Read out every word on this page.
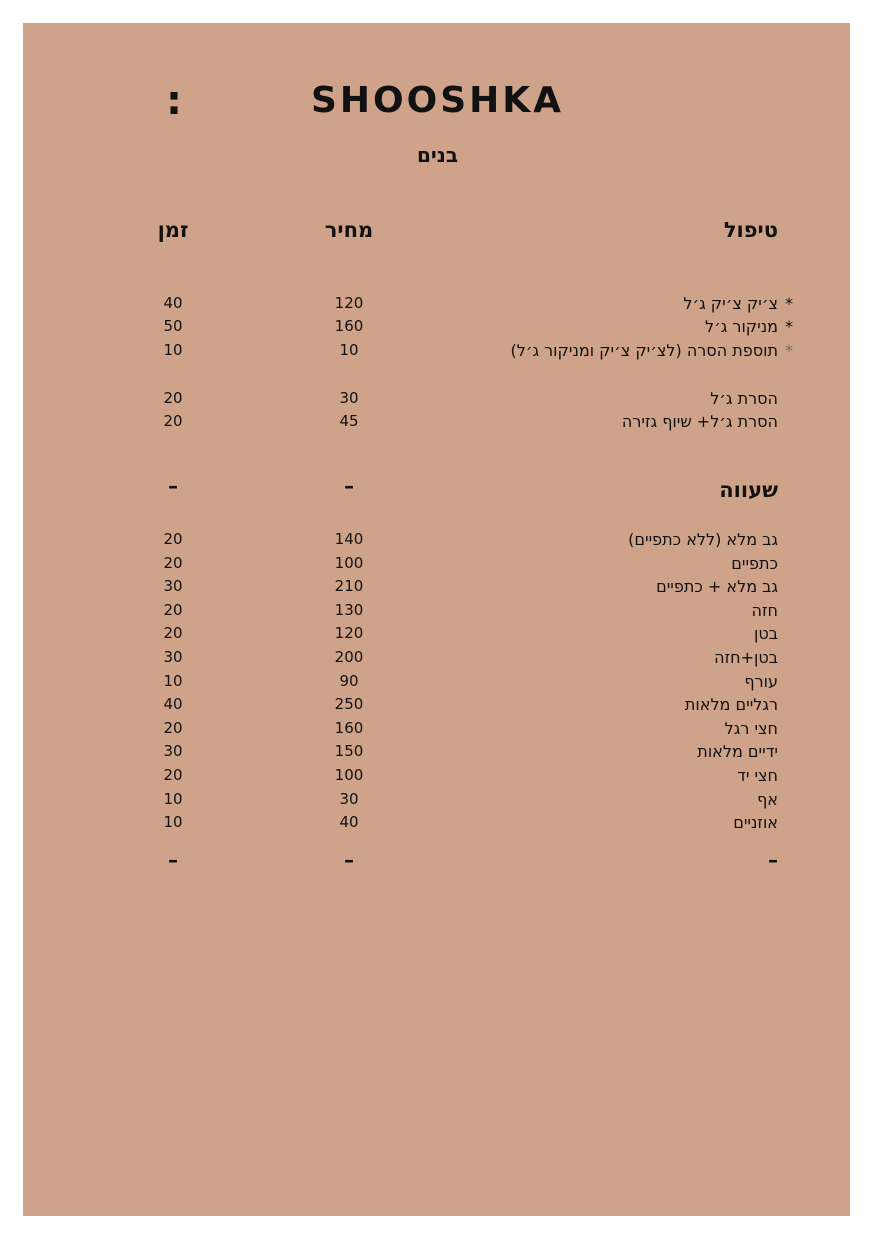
:	SHOOSHKA
בנים
טיפול
מחיר
זמן
*
צ׳יק צ׳יק ג׳ל
120
40
*
מניקור ג׳ל
160
50
*
תוספת הסרה (לצ׳יק צ׳יק ומניקור ג׳ל)
10
10
הסרת ג׳ל
30
20
הסרת ג׳ל+ שיוף גזירה
45
20
שעווה
–
–
גב מלא (ללא כתפיים)
140
20
כתפיים
100
20
גב מלא + כתפיים
210
30
חזה
130
20
בטן
120
20
בטן+חזה
200
30
עורף
90
10
רגליים מלאות
250
40
חצי רגל
160
20
ידיים מלאות
150
30
חצי יד
100
20
אף
30
10
אוזניים
40
10
–
–
–
